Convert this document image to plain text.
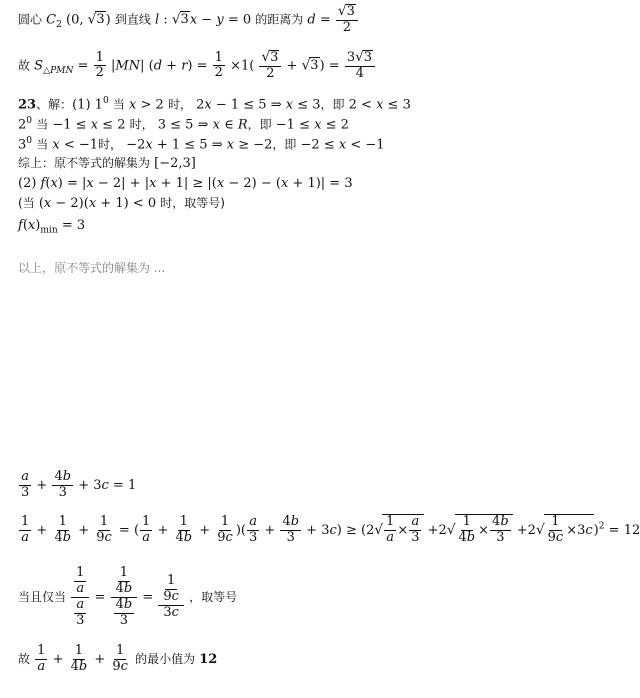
圆心 $C_2$ (0, √3) 到直线 l : √3x − y = 0 的距离为 $d = \frac{√3}{2}$
故 $S_{\triangle PMN} = \frac{1}{2} |MN|$ $(d + r) = \frac{1}{2} \times 1( \frac{√3}{2} + √3) = \frac{3√3}{4}$
23、解：(1) $1^0$ 当 x > 2 时， 2x − 1 ≤ 5 ⇒ x ≤ 3，即 2 < x ≤ 3
$2^0$ 当 −1 ≤ x ≤ 2 时， 3 ≤ 5 ⇒ x ∈ R，即 −1 ≤ x ≤ 2
$3^0$ 当 x < −1时， −2x + 1 ≤ 5 ⇒ x ≥ −2，即 −2 ≤ x < −1
综上：原不等式的解集为 [−2,3]
(2) f(x) = |x − 2| + |x + 1| ≥ |(x − 2) − (x + 1)| = 3
(当 (x − 2)(x + 1) < 0 时，取等号)
$f(x)_{min} = 3$
以上，原不等式的解集为 ...
$\frac{a}{3} + \frac{4b}{3} + 3c = 1$
$\frac{1}{a} + \frac{1}{4b} + \frac{1}{9c}$ = ( $\frac{1}{a} + \frac{1}{4b} + \frac{1}{9c}$ )( $\frac{a}{3} + \frac{4b}{3} + 3c) \ge (2√ \frac{1}{a} \times \frac{a}{3} +2√ \frac{1}{4b} \times \frac{4b}{3} +2√ \frac{1}{9c} \times 3c)^2 = 12$
当且仅当 $\frac{\frac{1}{a}}{\frac{a}{3}} = \frac{\frac{1}{4b}}{\frac{4b}{3}} = \frac{\frac{1}{9c}}{3c}$ ，取等号
故 $\frac{1}{a} + \frac{1}{4b} + \frac{1}{9c}$ 的最小值为 12
